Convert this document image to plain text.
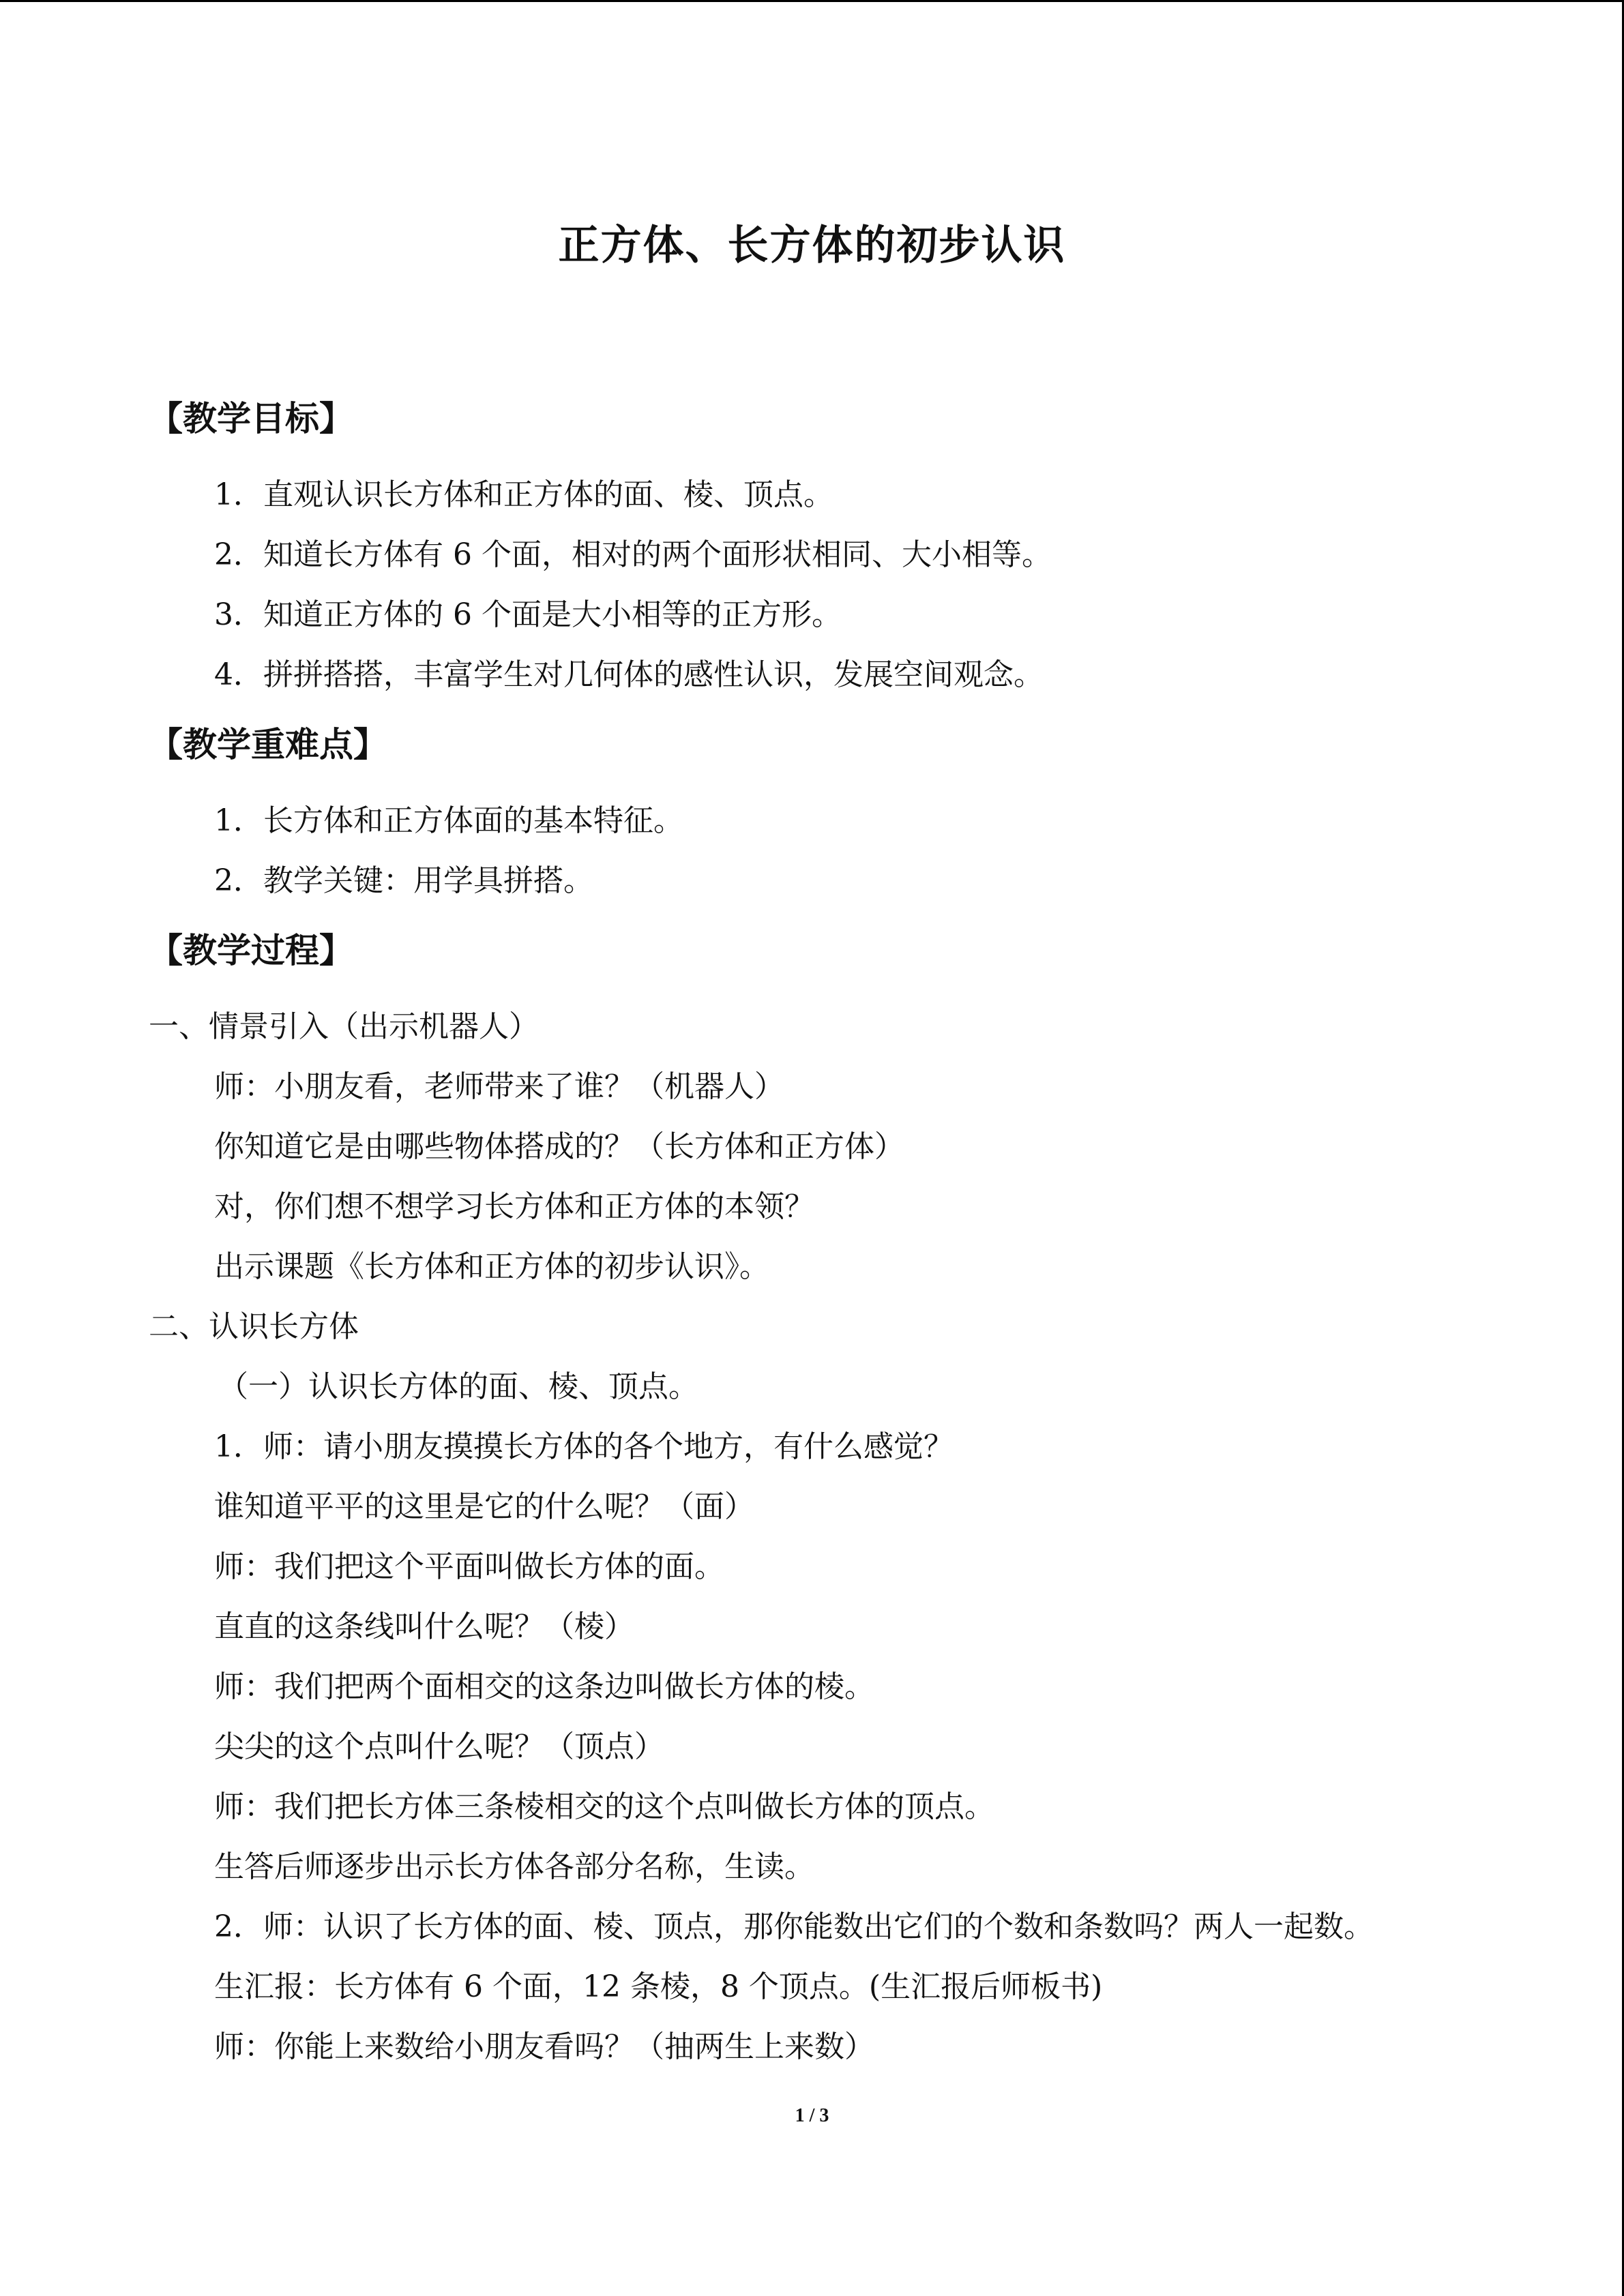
正方体、长方体的初步认识
【教学目标】
1．直观认识长方体和正方体的面、棱、顶点。
2．知道长方体有 6 个面，相对的两个面形状相同、大小相等。
3．知道正方体的 6 个面是大小相等的正方形。
4．拼拼搭搭，丰富学生对几何体的感性认识，发展空间观念。
【教学重难点】
1．长方体和正方体面的基本特征。
2．教学关键：用学具拼搭。
【教学过程】
一、情景引入（出示机器人）
师：小朋友看，老师带来了谁？（机器人）
你知道它是由哪些物体搭成的？（长方体和正方体）
对，你们想不想学习长方体和正方体的本领？
出示课题《长方体和正方体的初步认识》。
二、认识长方体
（一）认识长方体的面、棱、顶点。
1．师：请小朋友摸摸长方体的各个地方，有什么感觉？
谁知道平平的这里是它的什么呢？（面）
师：我们把这个平面叫做长方体的面。
直直的这条线叫什么呢？（棱）
师：我们把两个面相交的这条边叫做长方体的棱。
尖尖的这个点叫什么呢？（顶点）
师：我们把长方体三条棱相交的这个点叫做长方体的顶点。
生答后师逐步出示长方体各部分名称，生读。
2．师：认识了长方体的面、棱、顶点，那你能数出它们的个数和条数吗？两人一起数。
生汇报：长方体有 6 个面，12 条棱，8 个顶点。(生汇报后师板书)
师：你能上来数给小朋友看吗？（抽两生上来数）
1 / 3
